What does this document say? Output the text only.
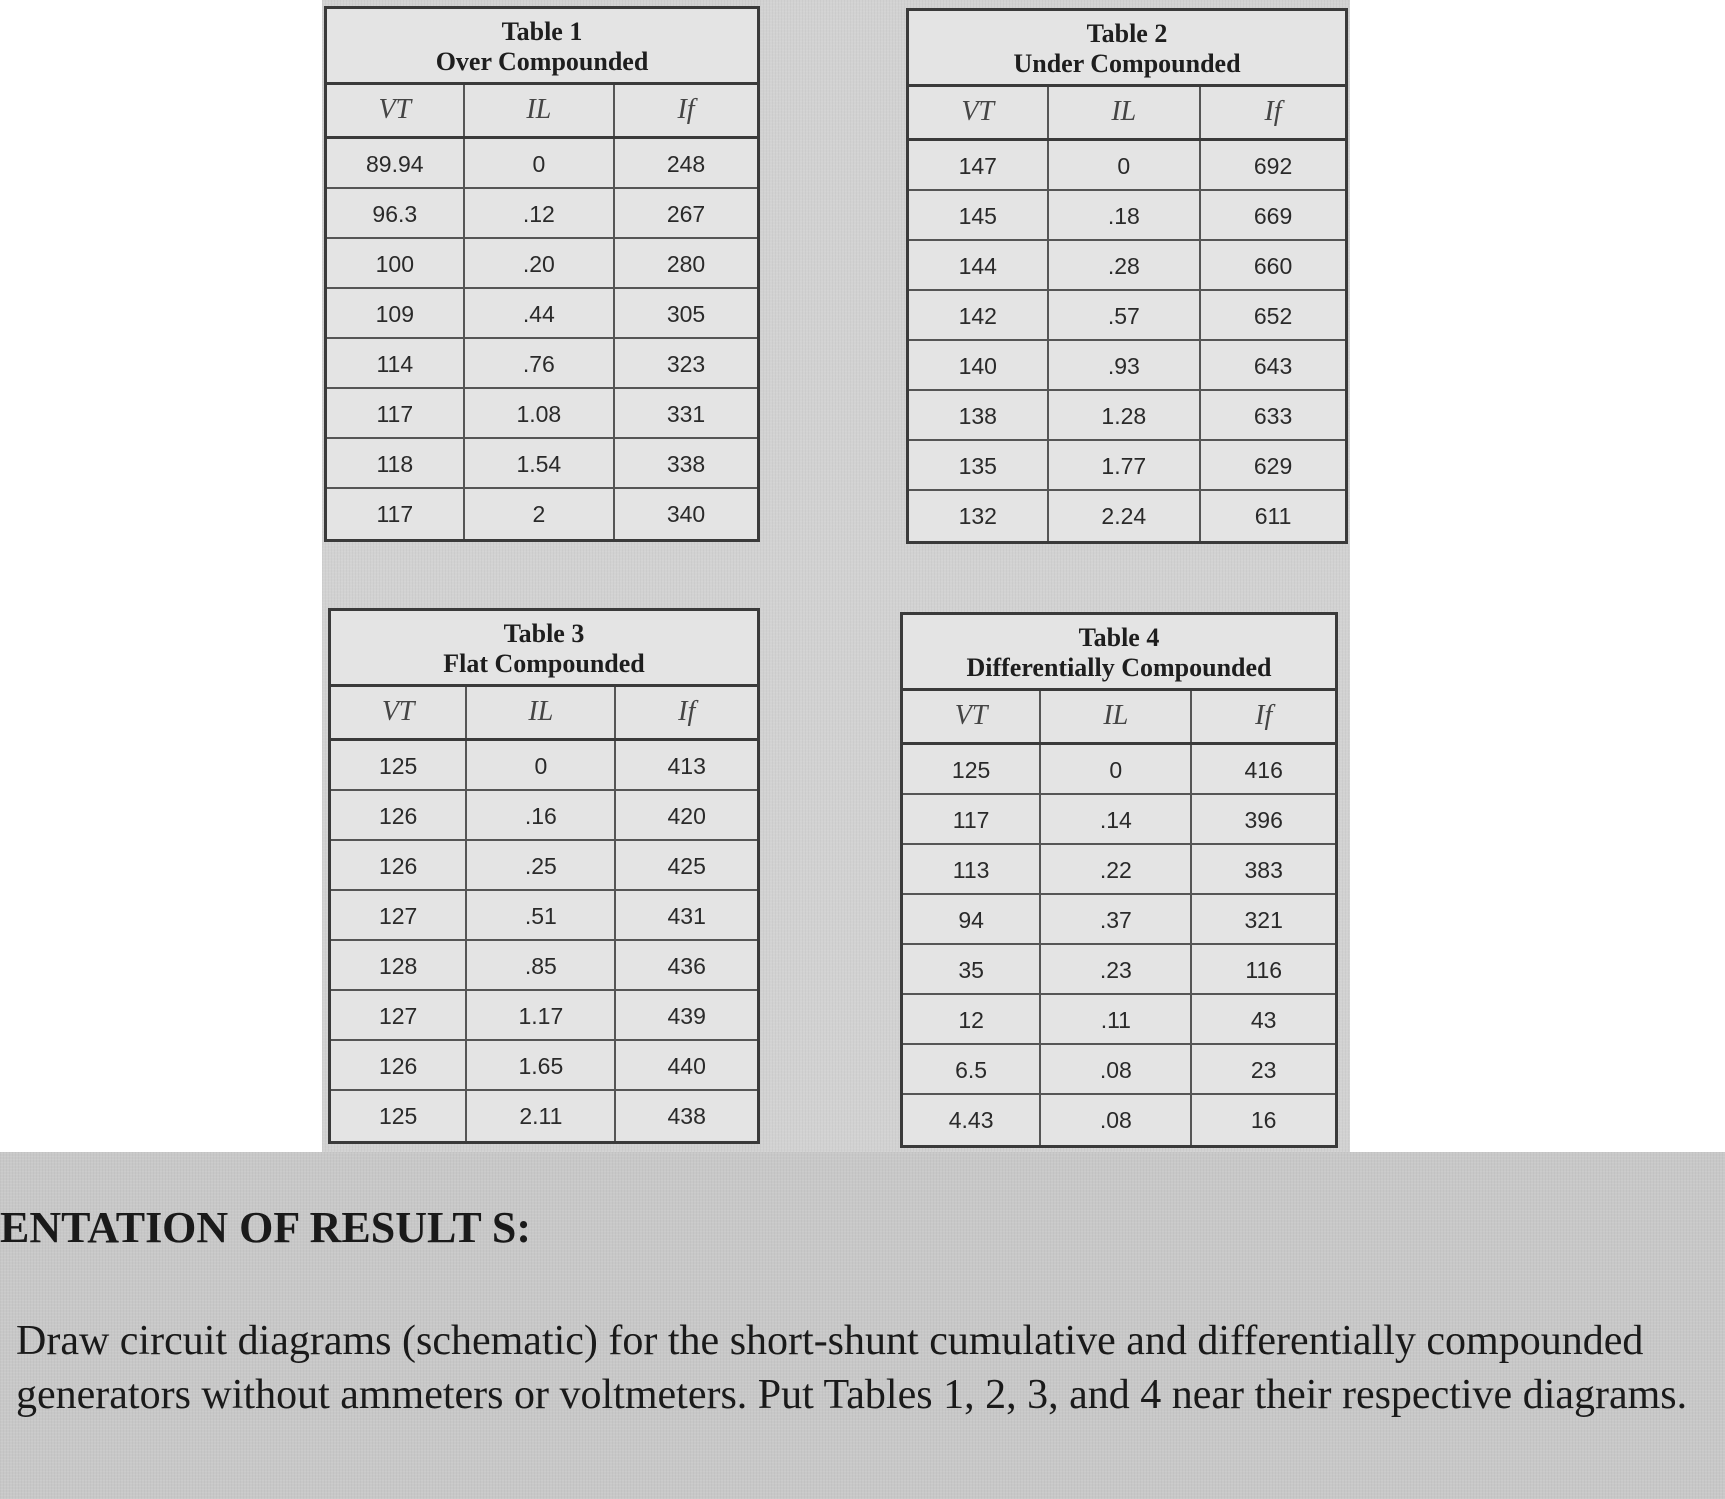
Table 1
Over Compounded
VT	IL	If
89.94	0	248
96.3	.12	267
100	.20	280
109	.44	305
114	.76	323
117	1.08	331
118	1.54	338
117	2	340
Table 2
Under Compounded
VT	IL	If
147	0	692
145	.18	669
144	.28	660
142	.57	652
140	.93	643
138	1.28	633
135	1.77	629
132	2.24	611
Table 3
Flat Compounded
VT	IL	If
125	0	413
126	.16	420
126	.25	425
127	.51	431
128	.85	436
127	1.17	439
126	1.65	440
125	2.11	438
Table 4
Differentially Compounded
VT	IL	If
125	0	416
117	.14	396
113	.22	383
94	.37	321
35	.23	116
12	.11	43
6.5	.08	23
4.43	.08	16
ENTATION OF RESULT S:
Draw circuit diagrams (schematic) for the short-shunt cumulative and differentially compounded generators without ammeters or voltmeters. Put Tables 1, 2, 3, and 4 near their respective diagrams.
